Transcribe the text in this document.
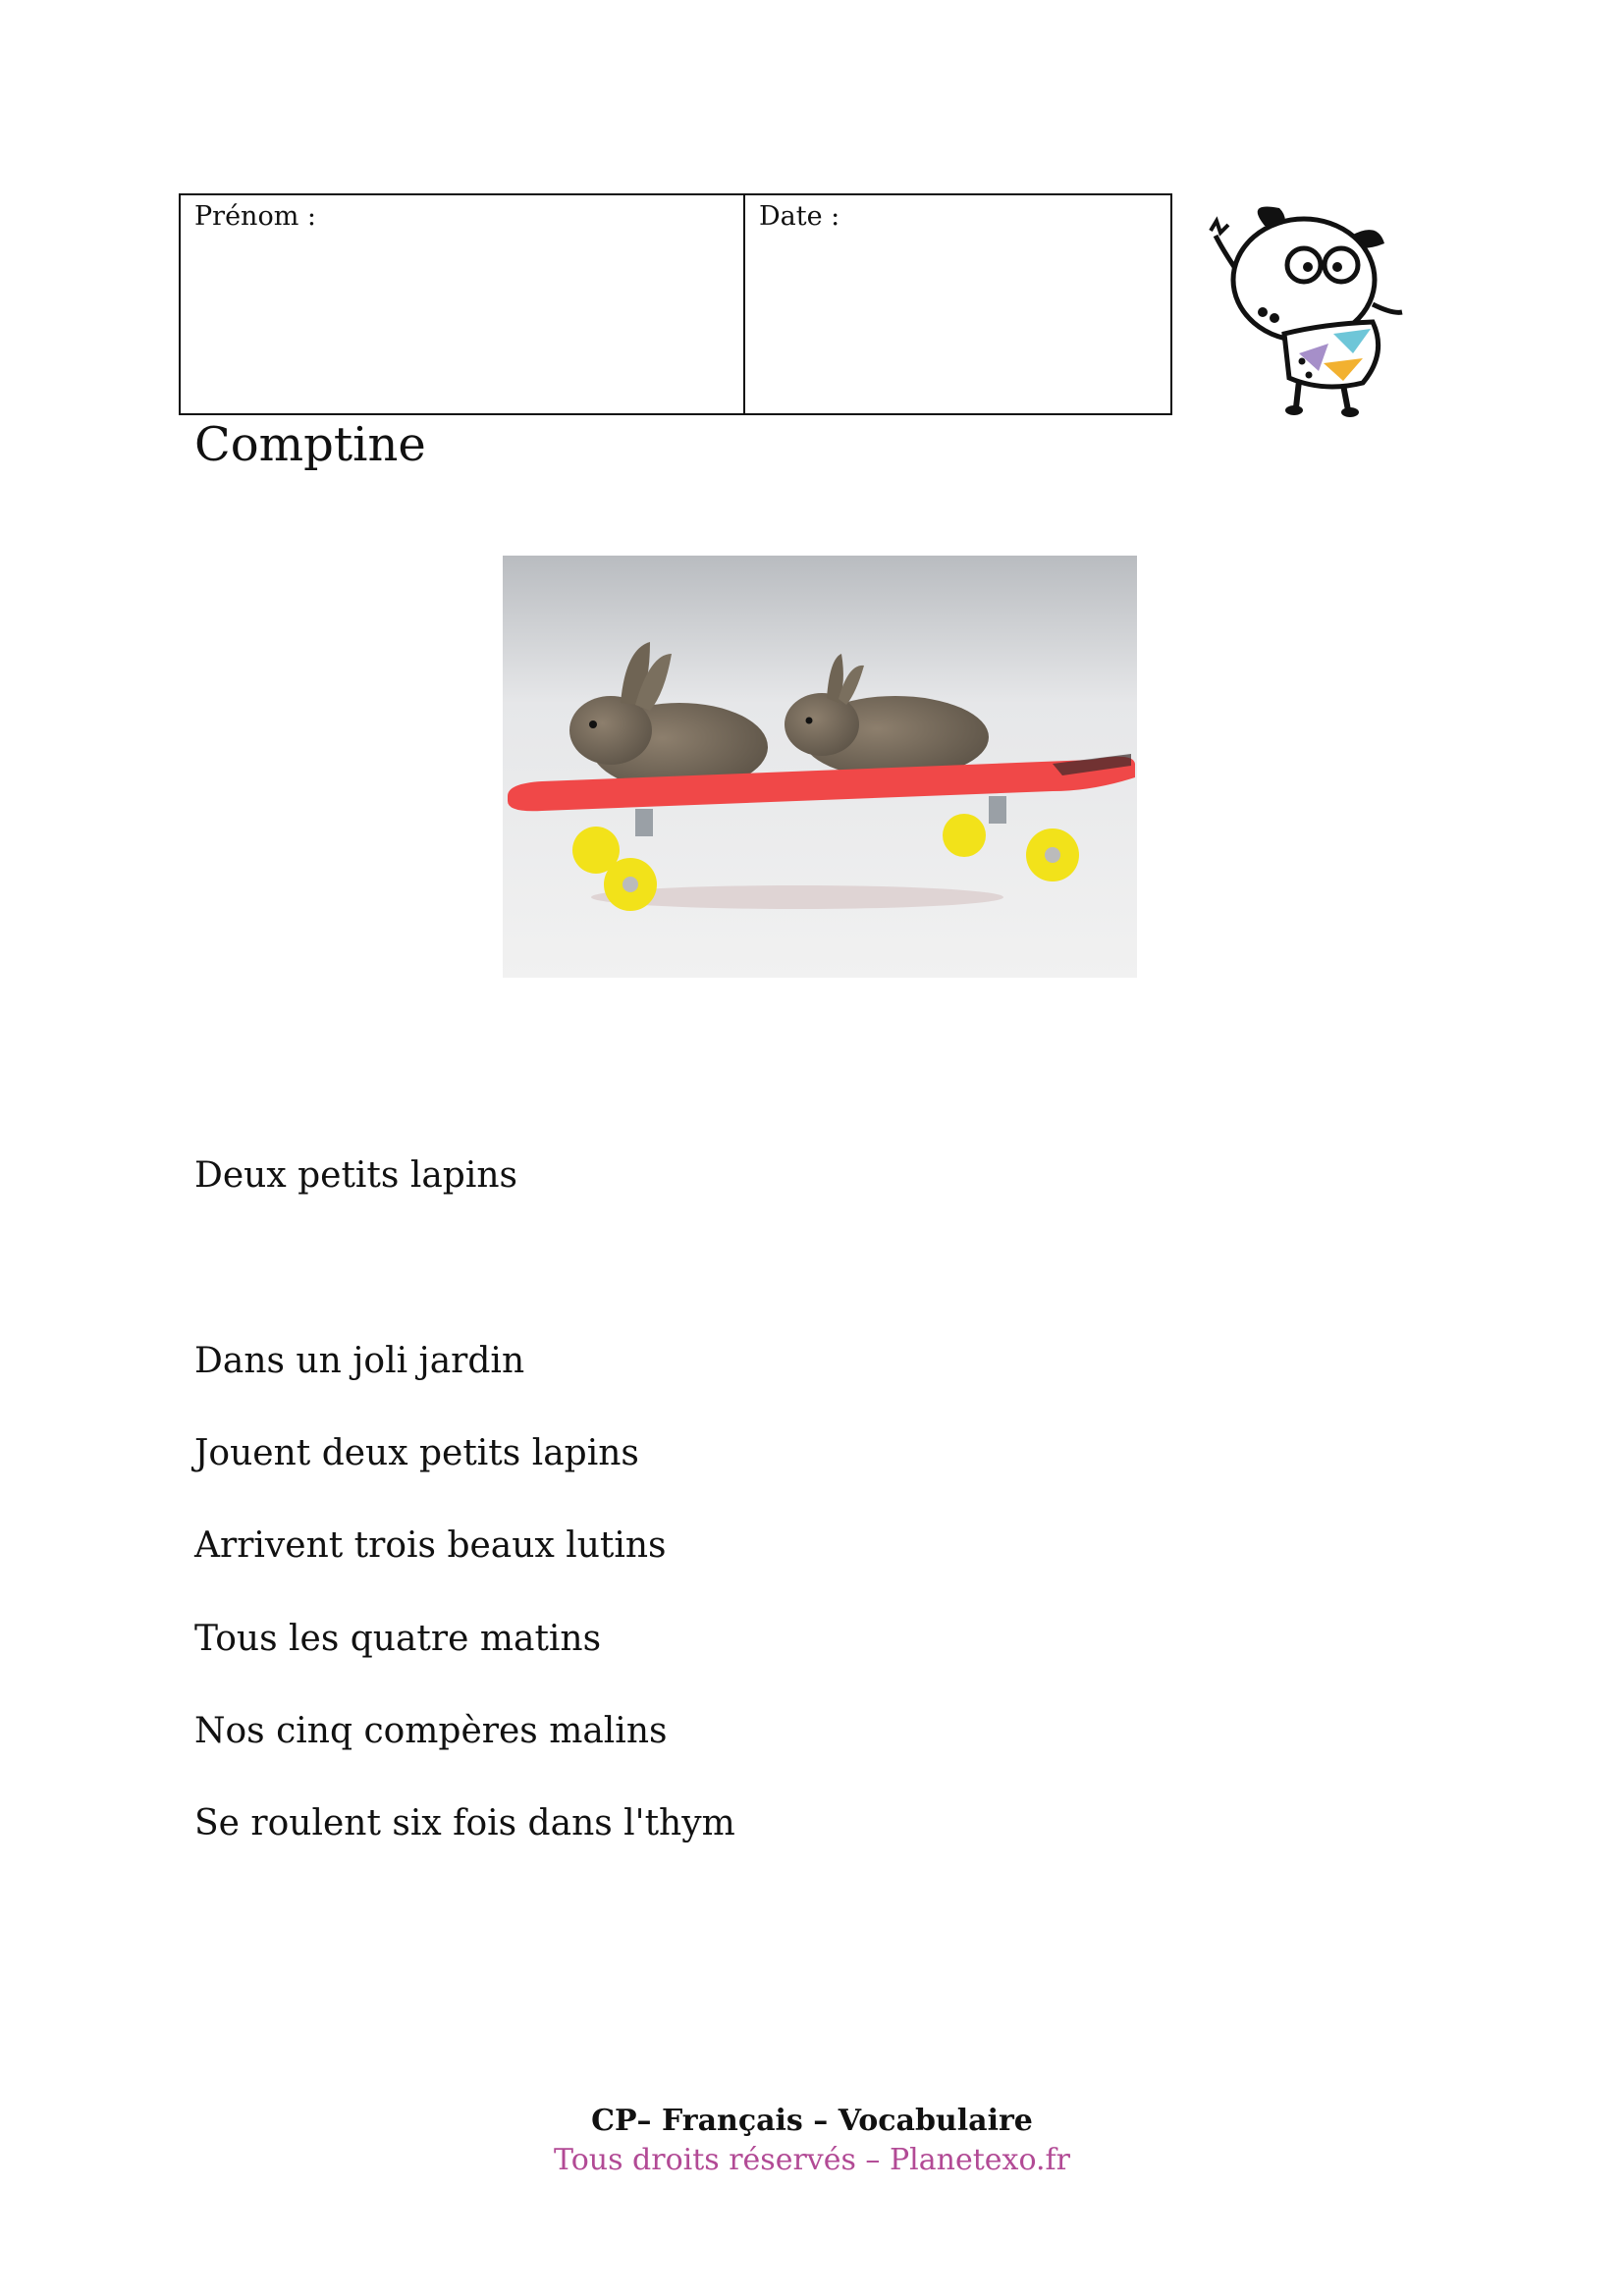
Prénom :	Date :
Comptine
Deux petits lapins
Dans un joli jardin
Jouent deux petits lapins
Arrivent trois beaux lutins
Tous les quatre matins
Nos cinq compères malins
Se roulent six fois dans l'thym
CP– Français – Vocabulaire
Tous droits réservés – Planetexo.fr
